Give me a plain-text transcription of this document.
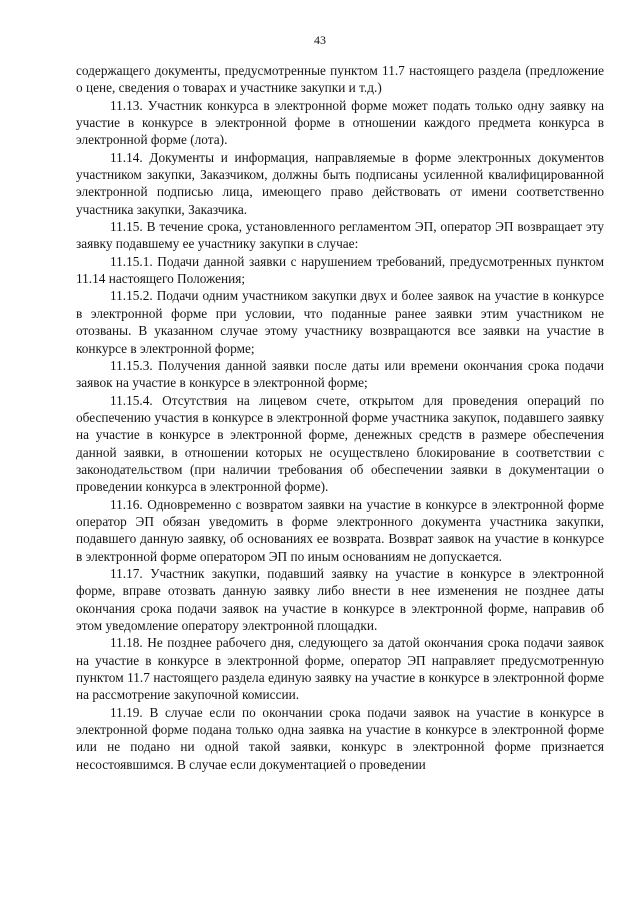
43

содержащего документы, предусмотренные пунктом 11.7 настоящего раздела (предложение о цене, сведения о товарах и участнике закупки и т.д.)

11.13. Участник конкурса в электронной форме может подать только одну заявку на участие в конкурсе в электронной форме в отношении каждого предмета конкурса в электронной форме (лота).

11.14. Документы и информация, направляемые в форме электронных документов участником закупки, Заказчиком, должны быть подписаны усиленной квалифицированной электронной подписью лица, имеющего право действовать от имени соответственно участника закупки, Заказчика.

11.15. В течение срока, установленного регламентом ЭП, оператор ЭП возвращает эту заявку подавшему ее участнику закупки в случае:

11.15.1. Подачи данной заявки с нарушением требований, предусмотренных пунктом 11.14 настоящего Положения;

11.15.2. Подачи одним участником закупки двух и более заявок на участие в конкурсе в электронной форме при условии, что поданные ранее заявки этим участником не отозваны. В указанном случае этому участнику возвращаются все заявки на участие в конкурсе в электронной форме;

11.15.3. Получения данной заявки после даты или времени окончания срока подачи заявок на участие в конкурсе в электронной форме;

11.15.4. Отсутствия на лицевом счете, открытом для проведения операций по обеспечению участия в конкурсе в электронной форме участника закупок, подавшего заявку на участие в конкурсе в электронной форме, денежных средств в размере обеспечения данной заявки, в отношении которых не осуществлено блокирование в соответствии с законодательством (при наличии требования об обеспечении заявки в документации о проведении конкурса в электронной форме).

11.16. Одновременно с возвратом заявки на участие в конкурсе в электронной форме оператор ЭП обязан уведомить в форме электронного документа участника закупки, подавшего данную заявку, об основаниях ее возврата. Возврат заявок на участие в конкурсе в электронной форме оператором ЭП по иным основаниям не допускается.

11.17. Участник закупки, подавший заявку на участие в конкурсе в электронной форме, вправе отозвать данную заявку либо внести в нее изменения не позднее даты окончания срока подачи заявок на участие в конкурсе в электронной форме, направив об этом уведомление оператору электронной площадки.

11.18. Не позднее рабочего дня, следующего за датой окончания срока подачи заявок на участие в конкурсе в электронной форме, оператор ЭП направляет предусмотренную пунктом 11.7 настоящего раздела единую заявку на участие в конкурсе в электронной форме на рассмотрение закупочной комиссии.

11.19. В случае если по окончании срока подачи заявок на участие в конкурсе в электронной форме подана только одна заявка на участие в конкурсе в электронной форме или не подано ни одной такой заявки, конкурс в электронной форме признается несостоявшимся. В случае если документацией о проведении
